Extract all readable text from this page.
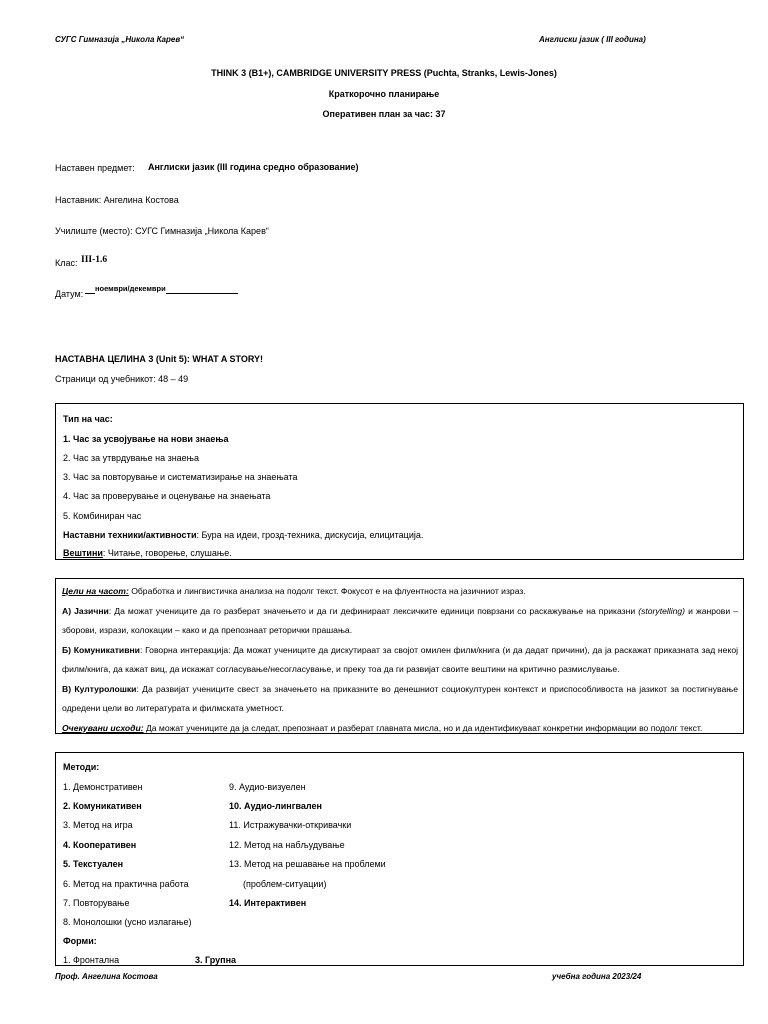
СУГС Гимназија „Никола Карев“	Англиски јазик ( III година)
THINK 3 (B1+), CAMBRIDGE UNIVERSITY PRESS (Puchta, Stranks, Lewis-Jones)
Краткорочно планирање
Оперативен план за час: 37
Наставен предмет: Англиски јазик (III година средно образование)
Наставник: Ангелина Костова
Училиште (место): СУГС Гимназија „Никола Карев“
Клас: III-1.6
Датум:
$^{ноември/декември}$
НАСТАВНА ЦЕЛИНА 3 (Unit 5): WHAT A STORY!
Страници од учебникот: 48 – 49
Тип на час:
1. Час за усвојување на нови знаења
2. Час за утврдување на знаења
3. Час за повторување и систематизирање на знаењата
4. Час за проверување и оценување на знаењата
5. Комбиниран час
Наставни техники/активности: Бура на идеи, грозд-техника, дискусија, елицитација.
Вештини: Читање, говорење, слушање.
Цели на часот: Обработка и лингвистичка анализа на подолг текст. Фокусот е на флуентноста на јазичниот израз.
А) Јазични: Да можат учениците да го разберат значењето и да ги дефинираат лексичките единици поврзани со раскажување на приказни (storytelling) и жанрови – зборови, изрази, колокации – како и да препознаат реторички прашања.
Б) Комуникативни: Говорна интеракција: Да можат учениците да дискутираат за својот омилен филм/книга (и да дадат причини), да ја раскажат приказната зад некој филм/книга, да кажат виц, да искажат согласување/несогласување, и преку тоа да ги развијат своите вештини на критично размислување.
В) Културолошки: Да развијат учениците свест за значењето на приказните во денешниот социокултурен контекст и приспособливоста на јазикот за постигнување одредени цели во литературата и филмската уметност.
Очекувани исходи: Да можат учениците да ја следат, препознаат и разберат главната мисла, но и да идентификуваат конкретни информации во подолг текст.
Методи:
1. Демонстративен
2. Комуникативен
3. Метод на игра
4. Кооперативен
5. Текстуален
6. Метод на практична работа
7. Повторување
8. Монолошки (усно излагање)
9. Аудио-визуелен
10. Аудио-лингвален
11. Истражувачки-откривачки
12. Метод на набљудување
13. Метод на решавање на проблеми
(проблем-ситуации)
14. Интерактивен
Форми:
1. Фронтална	3. Групна
Проф. Ангелина Костова	учебна година 2023/24
